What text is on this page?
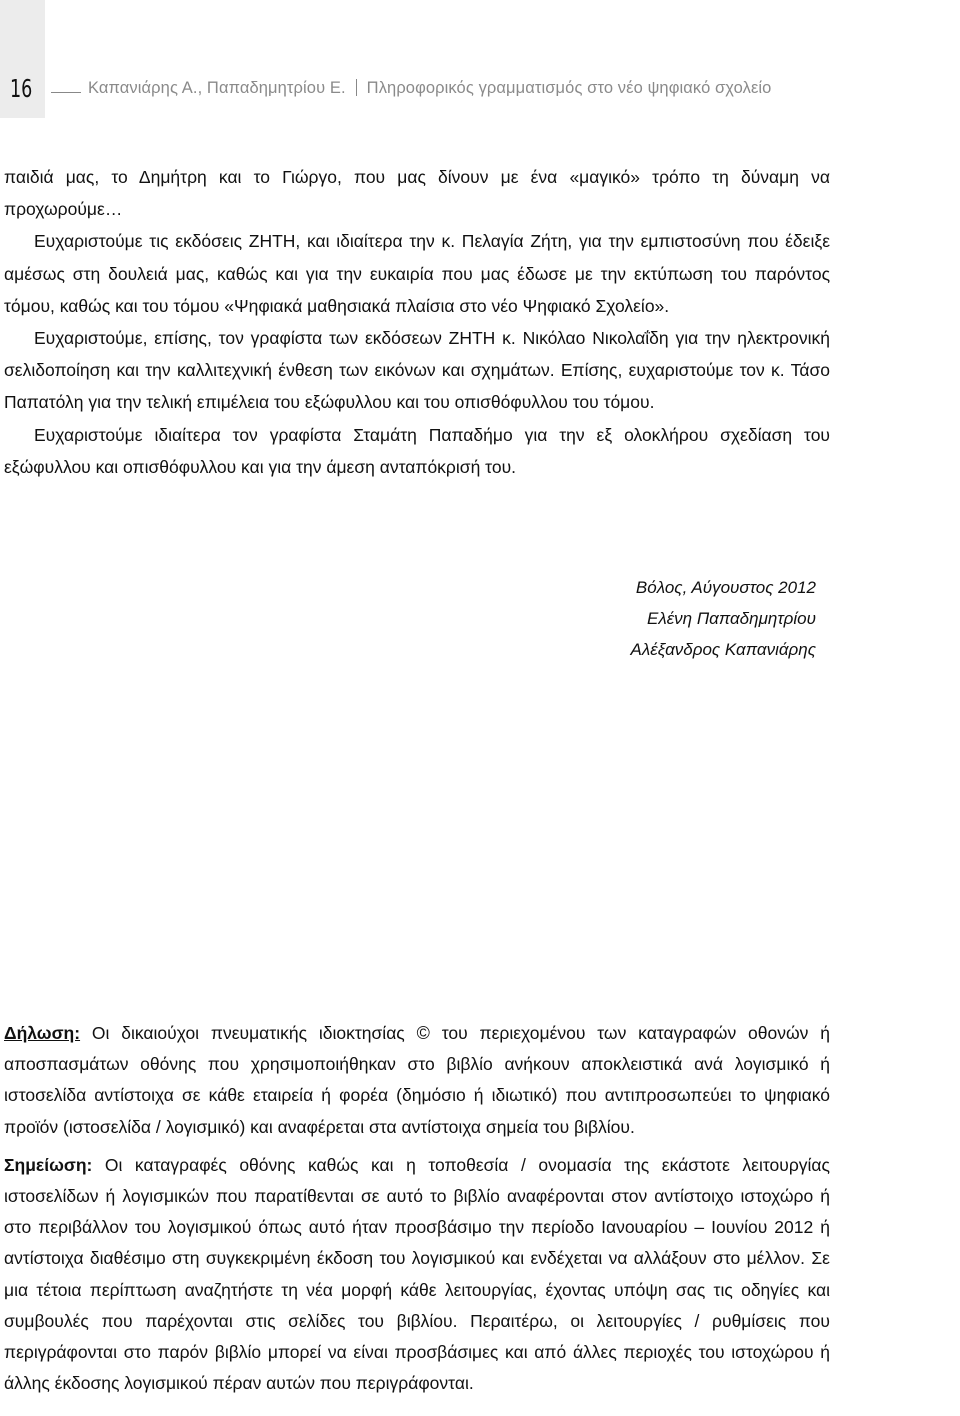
16	Καπανιάρης Α., Παπαδημητρίου Ε. Πληροφορικός γραμματισμός στο νέο ψηφιακό σχολείο

παιδιά μας, το Δημήτρη και το Γιώργο, που μας δίνουν με ένα «μαγικό» τρόπο τη δύναμη να προχωρούμε…

Ευχαριστούμε τις εκδόσεις ΖΗΤΗ, και ιδιαίτερα την κ. Πελαγία Ζήτη, για την εμπιστοσύνη που έδειξε αμέσως στη δουλειά μας, καθώς και για την ευκαιρία που μας έδωσε με την εκτύπωση του παρόντος τόμου, καθώς και του τόμου «Ψηφιακά μαθησιακά πλαίσια στο νέο Ψηφιακό Σχολείο».

Ευχαριστούμε, επίσης, τον γραφίστα των εκδόσεων ΖΗΤΗ κ. Νικόλαο Νικολαΐδη για την ηλεκτρονική σελιδοποίηση και την καλλιτεχνική ένθεση των εικόνων και σχημάτων. Επίσης, ευχαριστούμε τον κ. Τάσο Παπατόλη για την τελική επιμέλεια του εξώφυλλου και του οπισθόφυλλου του τόμου.

Ευχαριστούμε ιδιαίτερα τον γραφίστα Σταμάτη Παπαδήμο για την εξ ολοκλήρου σχεδίαση του εξώφυλλου και οπισθόφυλλου και για την άμεση ανταπόκρισή του.

Βόλος, Αύγουστος 2012
Ελένη Παπαδημητρίου
Αλέξανδρος Καπανιάρης

Δήλωση: Οι δικαιούχοι πνευματικής ιδιοκτησίας © του περιεχομένου των καταγραφών οθονών ή αποσπασμάτων οθόνης που χρησιμοποιήθηκαν στο βιβλίο ανήκουν αποκλειστικά ανά λογισμικό ή ιστοσελίδα αντίστοιχα σε κάθε εταιρεία ή φορέα (δημόσιο ή ιδιωτικό) που αντιπροσωπεύει το ψηφιακό προϊόν (ιστοσελίδα / λογισμικό) και αναφέρεται στα αντίστοιχα σημεία του βιβλίου.

Σημείωση: Οι καταγραφές οθόνης καθώς και η τοποθεσία / ονομασία της εκάστοτε λειτουργίας ιστοσελίδων ή λογισμικών που παρατίθενται σε αυτό το βιβλίο αναφέρονται στον αντίστοιχο ιστοχώρο ή στο περιβάλλον του λογισμικού όπως αυτό ήταν προσβάσιμο την περίοδο Ιανουαρίου – Ιουνίου 2012 ή αντίστοιχα διαθέσιμο στη συγκεκριμένη έκδοση του λογισμικού και ενδέχεται να αλλάξουν στο μέλλον. Σε μια τέτοια περίπτωση αναζητήστε τη νέα μορφή κάθε λειτουργίας, έχοντας υπόψη σας τις οδηγίες και συμβουλές που παρέχονται στις σελίδες του βιβλίου. Περαιτέρω, οι λειτουργίες / ρυθμίσεις που περιγράφονται στο παρόν βιβλίο μπορεί να είναι προσβάσιμες και από άλλες περιοχές του ιστοχώρου ή άλλης έκδοσης λογισμικού πέραν αυτών που περιγράφονται.
